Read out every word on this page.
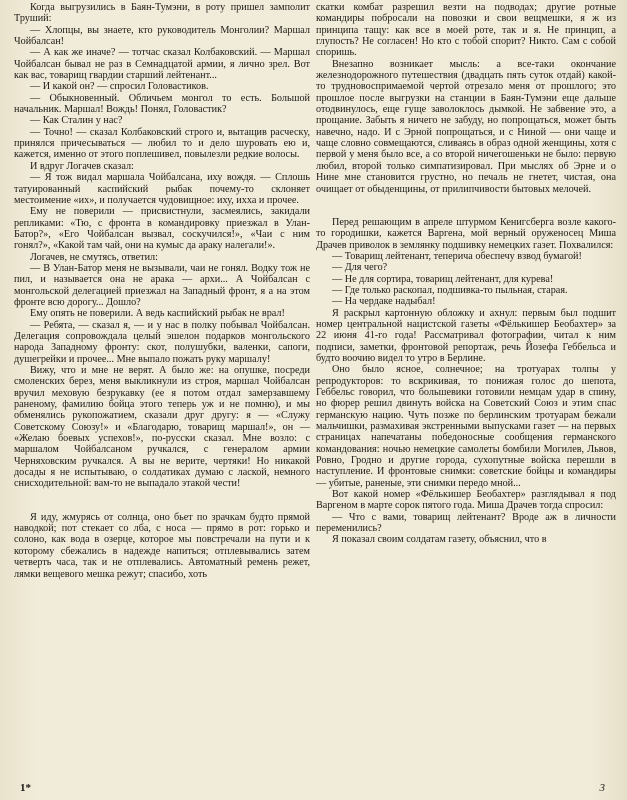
Когда выгрузились в Баян-Тумэни, в роту пришел замполит Труший:

— Хлопцы, вы знаете, кто руководитель Монголии? Маршал Чойбалсан!

— А как же иначе? — тотчас сказал Колбаковский. — Маршал Чойбалсан бывал не раз в Семнадцатой армии, я лично зрел. Вот как вас, товарищ гвардии старший лейтенант...

— И какой он? — спросил Головастиков.

— Обыкновенный. Обличьем монгол то есть. Большой начальник. Маршал! Вождь! Понял, Головастик?

— Как Сталин у нас?

— Точно! — сказал Колбаковский строго и, вытащив расческу, принялся причесываться — любил то и дело шуровать ею и, кажется, именно от этого поплешивел, повылезли редкие волосы.

И вдруг Логачев сказал:

— Я тож видал маршала Чойбалсана, иху вождя. — Сплошь татуированный каспийский рыбак почему-то склоняет местоимение «их», и получается чудовищное: иху, ихха и прочее.

Ему не поверили — присвистнули, засмеялись, закидали репликами: «Тю, с фронта в командировку приезжал в Улан-Батор?», «Его Чойбалсан вызвал, соскучился!», «Чаи с ним гонял?», «Какой там чай, они на кумыс да араку налегали!».

Логачев, не смутясь, ответил:

— В Улан-Батор меня не вызывали, чаи не гонял. Водку тож не пил, и называется она не арака — архи... А Чойбалсан с монгольской делегацией приезжал на Западный фронт, я а на этом фронте всю дорогу... Дошло?

Ему опять не поверили. А ведь каспийский рыбак не врал!

— Ребята, — сказал я, — и у нас в полку побывал Чойбалсан. Делегация сопровождала целый эшелон подарков монгольского народа Западному фронту: скот, полушубки, валенки, сапоги, душегрейки и прочее... Мне выпало пожать руку маршалу!

Вижу, что и мне не верят. А было же: на опушке, посреди смоленских берез, меня выкликнули из строя, маршал Чойбалсан вручил меховую безрукавку (ее я потом отдал замерзавшему раненому, фамилию бойца этого теперь уж и не помню), и мы обменялись рукопожатием, сказали друг другу: я — «Служу Советскому Союзу!» и «Благодарю, товарищ маршал!», он — «Желаю боевых успехов!», по-русски сказал. Мне возло: с маршалом Чойбалсаном ручкался, с генералом армии Черняховским ручкался. А вы не верите, чертяки! Но никакой досады я не испытываю, о солдатиках думаю с лаской, немного снисходительной: вам-то не выпадало этакой чести!

Я иду, жмурясь от солнца, оно бьет по зрачкам будто прямой наводкой; пот стекает со лба, с носа — прямо в рот: горько и солоно, как вода в озерце, которое мы повстречали на пути и к которому сбежались в надежде напиться; отплевывались затем четверть часа, так и не отплевались. Автоматный ремень режет, лямки вещевого мешка режут; спасибо, хоть

скатки комбат разрешил везти на подводах; другие ротные командиры побросали на повозки и свои вещмешки, я ж из принципа тащу: как все в моей роте, так и я. Не принцип, а глупость? Не согласен! Но кто с тобой спорит? Никто. Сам с собой споришь.

Внезапно возникает мысль: а все-таки окончание железнодорожного путешествия (двадцать пять суток отдай) какой-то трудновоспримаемой чертой отрезало меня от прошлого; это прошлое после выгрузки на станции в Баян-Тумэни еще дальше отодвинулось, еще гуще заволоклось дымкой. Не забвение это, а прощание. Забыть я ничего не забуду, но попрощаться, может быть навечно, надо. И с Эрной попрощаться, и с Ниной — они чаще и чаще словно совмещаются, сливаясь в образ одной женщины, хотя с первой у меня было все, а со второй ничегошеньки не было: первую любил, второй только симпатизировал. При мыслях об Эрне и о Нине мне становится грустно, но печаль не гнетет, чистая, она очищает от обыденщины, от прилипчивости бытовых мелочей.

Перед решающим в апреле штурмом Кенигсберга возле какого-то городишки, кажется Варгена, мой верный оруженосец Миша Драчев приволок в землянку подшивку немецких газет. Похвалился:

— Товарищ лейтенант, теперича обеспечу взвод бумагой!

— Для чего?

— Не для сортира, товарищ лейтенант, для курева!

— Где только раскопал, подшивка-то пыльная, старая.

— На чердаке надыбал!

Я раскрыл картонную обложку и ахнул: первым был подшит номер центральной нацистской газеты «Фёлькишер Беобахтер» за 22 июня 41-го года! Рассматривал фотографии, читал к ним подписи, заметки, фронтовой репортаж, речь Йозефа Геббельса и будто воочию видел то утро в Берлине.

Оно было ясное, солнечное; на тротуарах толпы у репродукторов: то вскрикивая, то понижая голос до шепота, Геббельс говорил, что большевики готовили немцам удар в спину, но фюрер решил двинуть войска на Советский Союз и этим спас германскую нацию. Чуть позже по берлинским тротуарам бежали мальчишки, размахивая экстренными выпусками газет — на первых страницах напечатаны победоносные сообщения германского командования: ночью немецкие самолеты бомбили Могилев, Львов, Ровно, Гродно и другие города, сухопутные войска перешли в наступление. И фронтовые снимки: советские бойцы и командиры — убитые, раненые, эти снимки передо мной...

Вот какой номер «Фёлькишер Беобахтер» разглядывал я под Варгеном в марте сорок пятого года. Миша Драчев тогда спросил:

— Что с вами, товарищ лейтенант? Вроде аж в личности переменились?

Я показал своим солдатам газету, объяснил, что в

1*	3
